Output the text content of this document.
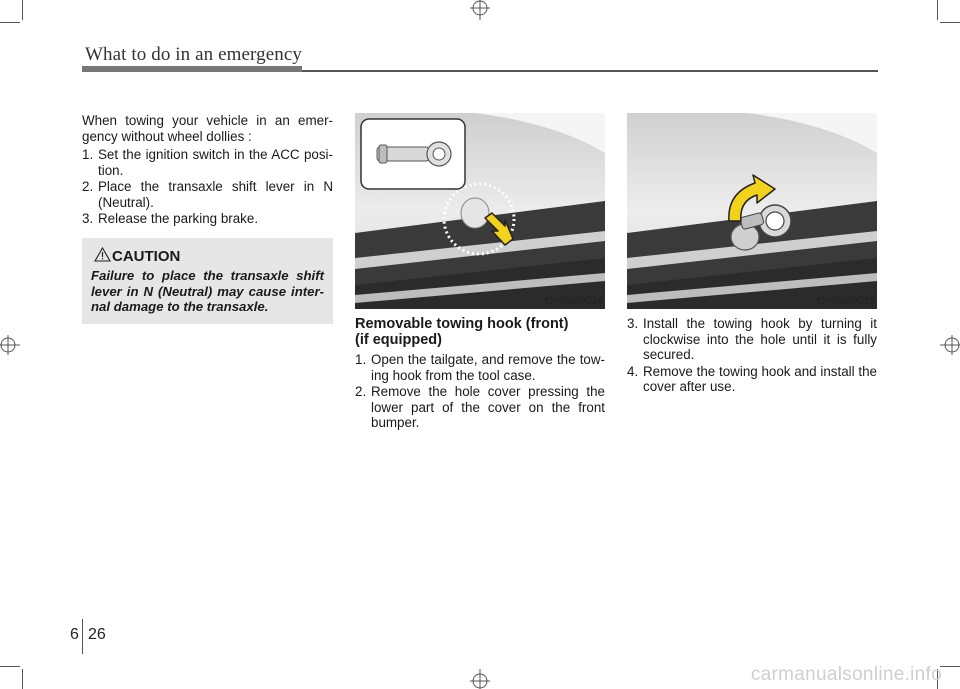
What to do in an emergency

When towing your vehicle in an emer-gency without wheel dollies :

1. Set the ignition switch in the ACC posi-tion.
2. Place the transaxle shift lever in N (Neutral).
3. Release the parking brake.
CAUTION
Failure to place the transaxle shift lever in N (Neutral) may cause inter-nal damage to the transaxle.	OYN069014	OYN069015

Removable towing hook (front)

(if equipped)

1. Open the tailgate, and remove the tow-ing hook from the tool case.
2. Remove the hole cover pressing the lower part of the cover on the front bumper.
3. Install the towing hook by turning it clockwise into the hole until it is fully secured.
4. Remove the towing hook and install the cover after use.
6 26
carmanualsonline.info
